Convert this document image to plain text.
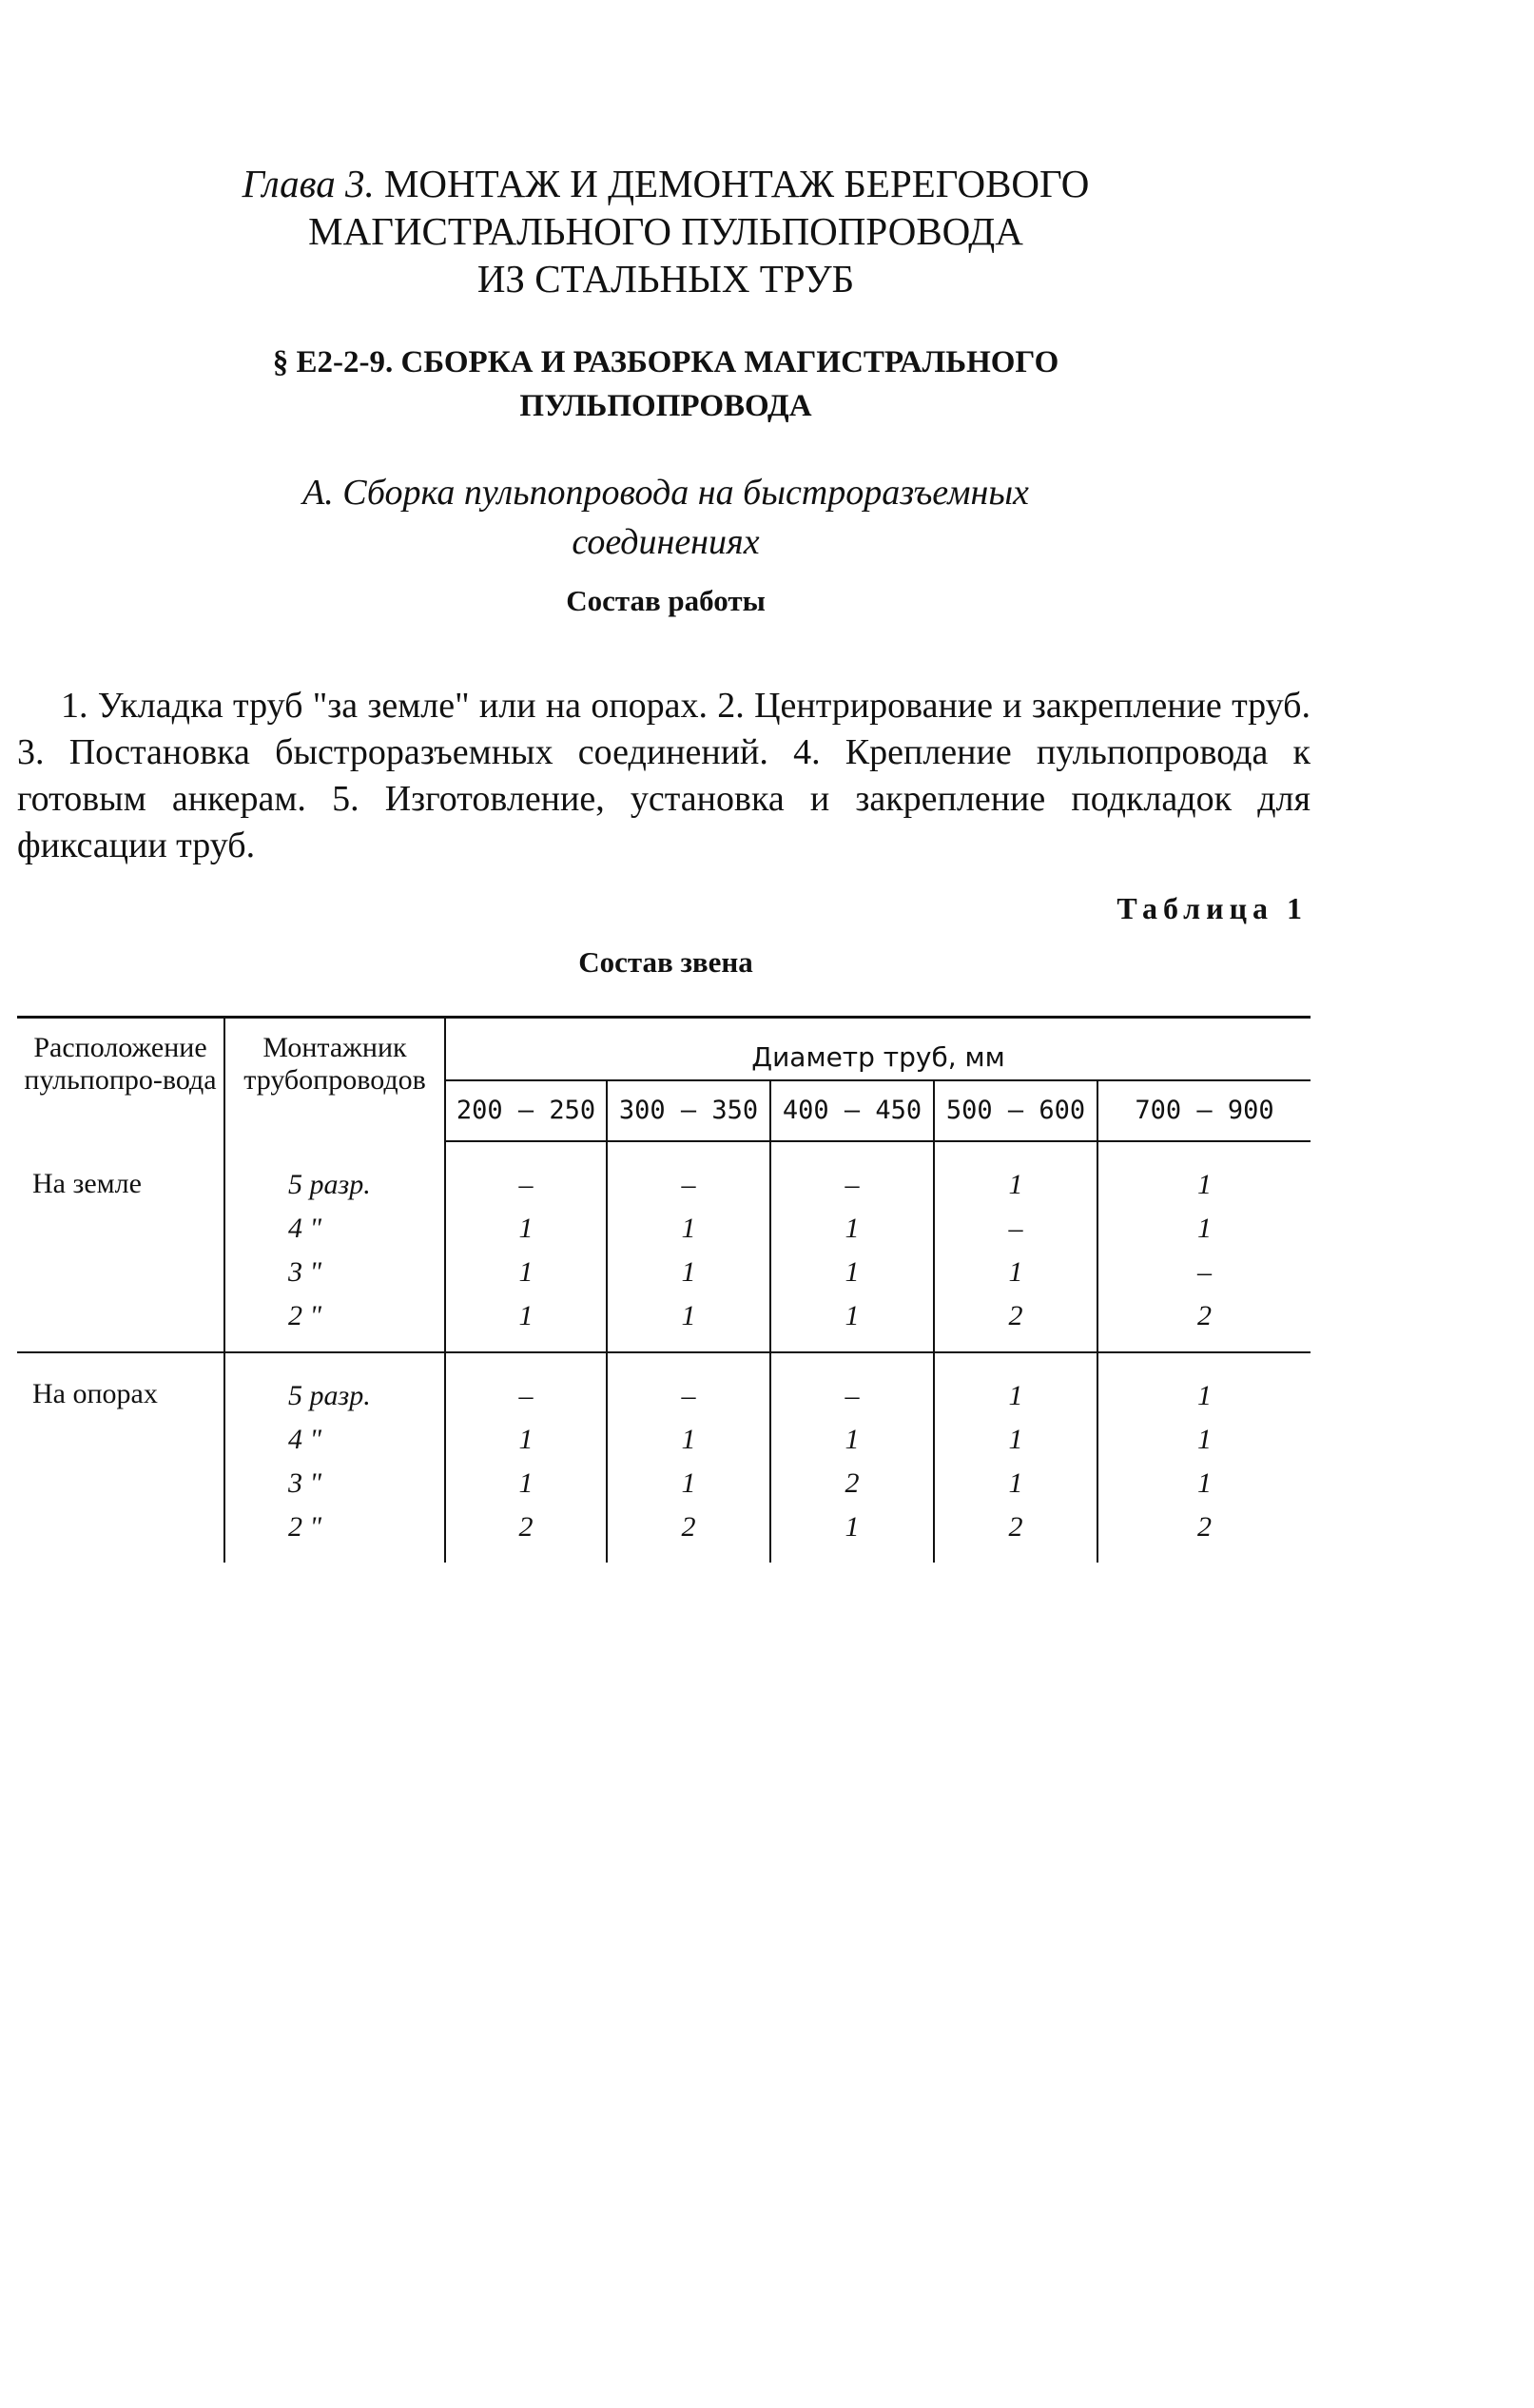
Глава 3. МОНТАЖ И ДЕМОНТАЖ БЕРЕГОВОГО
МАГИСТРАЛЬНОГО ПУЛЬПОПРОВОДА
ИЗ СТАЛЬНЫХ ТРУБ
§ Е2-2-9. СБОРКА И РАЗБОРКА МАГИСТРАЛЬНОГО
ПУЛЬПОПРОВОДА
А. Сборка пульпопровода на быстроразъемных
соединениях
Состав работы

1. Укладка труб "за земле" или на опорах. 2. Центрирование и закрепление труб. 3. Постановка быстроразъемных соединений. 4. Крепление пульпопровода к готовым анкерам. 5. Изготовление, установка и закрепление подкладок для фиксации труб.

Таблица 1
Состав звена
Расположение пульпопро-вода	Монтажник трубопроводов	Диаметр труб, мм				
		200 – 250	300 – 350	400 – 450	500 – 600	700 – 900
На земле	5 разр.	–	–	–	1	1
	4 "	1	1	1	–	1
	3 "	1	1	1	1	–
	2 "	1	1	1	2	2
На опорах	5 разр.	–	–	–	1	1
	4 "	1	1	1	1	1
	3 "	1	1	2	1	1
	2 "	2	2	1	2	2
